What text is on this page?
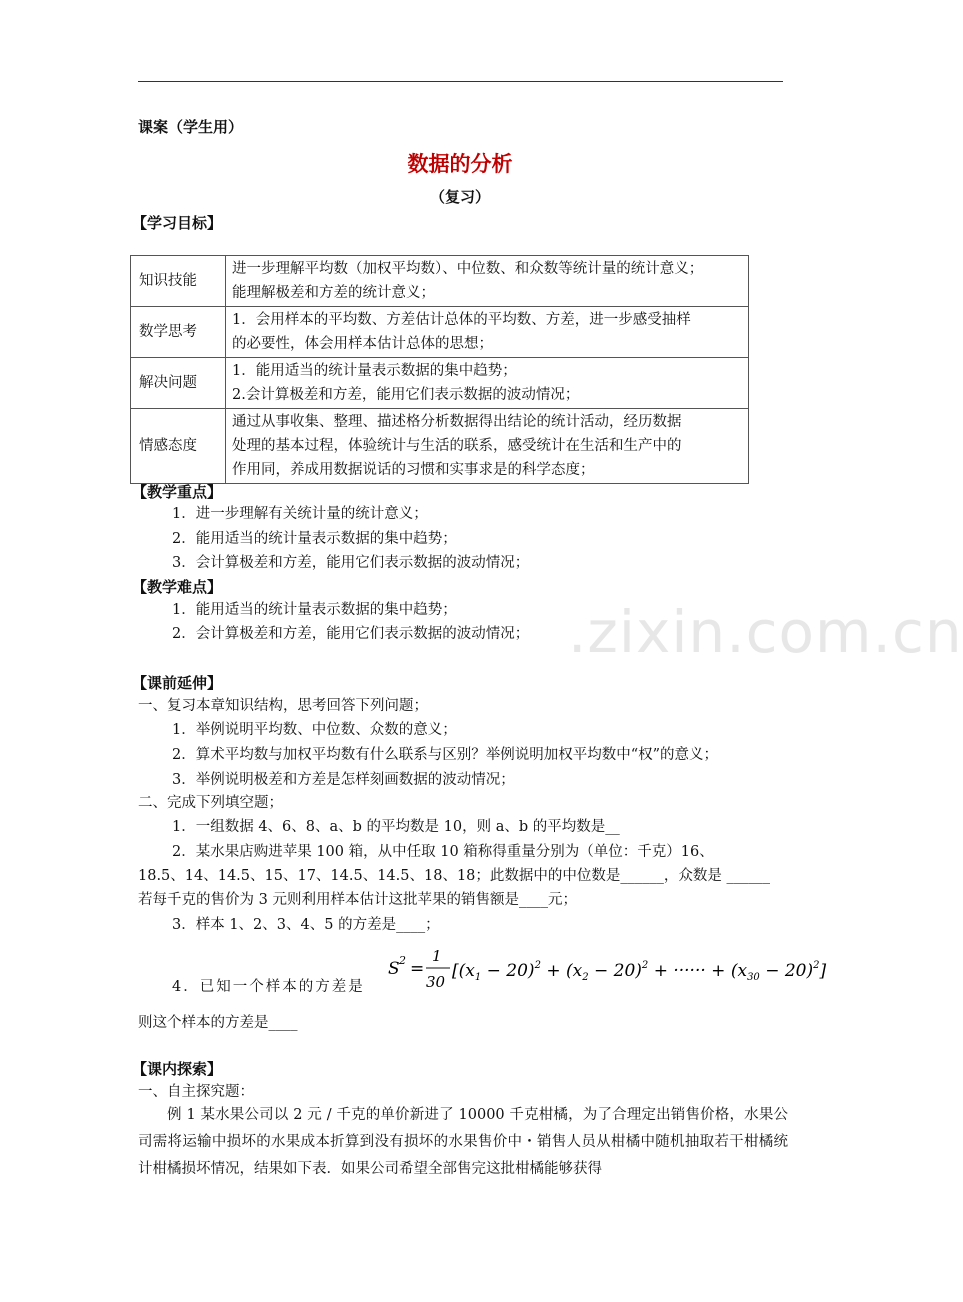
.zixin.com.cn
课案（学生用）
数据的分析
（复习）
【学习目标】
知识技能	进一步理解平均数（加权平均数）、中位数、和众数等统计量的统计意义；
能理解极差和方差的统计意义；

数学思考	1．会用样本的平均数、方差估计总体的平均数、方差，进一步感受抽样
的必要性，体会用样本估计总体的思想；

解决问题	1．能用适当的统计量表示数据的集中趋势；
2.会计算极差和方差，能用它们表示数据的波动情况；

情感态度	通过从事收集、整理、描述格分析数据得出结论的统计活动，经历数据
处理的基本过程，体验统计与生活的联系，感受统计在生活和生产中的
作用同，养成用数据说话的习惯和实事求是的科学态度；
【教学重点】
1．进一步理解有关统计量的统计意义；
2．能用适当的统计量表示数据的集中趋势；
3．会计算极差和方差，能用它们表示数据的波动情况；
【教学难点】
1．能用适当的统计量表示数据的集中趋势；
2．会计算极差和方差，能用它们表示数据的波动情况；
【课前延伸】
一、复习本章知识结构，思考回答下列问题；
1．举例说明平均数、中位数、众数的意义；
2．算术平均数与加权平均数有什么联系与区别？举例说明加权平均数中“权”的意义；
3．举例说明极差和方差是怎样刻画数据的波动情况；
二、完成下列填空题；
1．一组数据 4、6、8、a、b 的平均数是 10，则 a、b 的平均数是__
2．某水果店购进苹果 100 箱，从中任取 10 箱称得重量分别为（单位：千克）16、
18.5、14、14.5、15、17、14.5、14.5、18、18；此数据中的中位数是______，众数是 ______
若每千克的售价为 3 元则利用样本估计这批苹果的销售额是____元；
3．样本 1、2、3、4、5 的方差是____；
S 2 =
1
30
[$(x_1 - 20)^2 + (x_2 - 20)^2$ + ······ + $(x_{30} - 20)^2$]
4．已知一个样本的方差是
则这个样本的方差是____
【课内探索】
一、自主探究题：
例 1 某水果公司以 2 元 / 千克的单价新进了 10000 千克柑橘，为了合理定出销售价格，水果公司需将运输中损坏的水果成本折算到没有损坏的水果售价中・销售人员从柑橘中随机抽取若干柑橘统计柑橘损坏情况，结果如下表．如果公司希望全部售完这批柑橘能够获得
